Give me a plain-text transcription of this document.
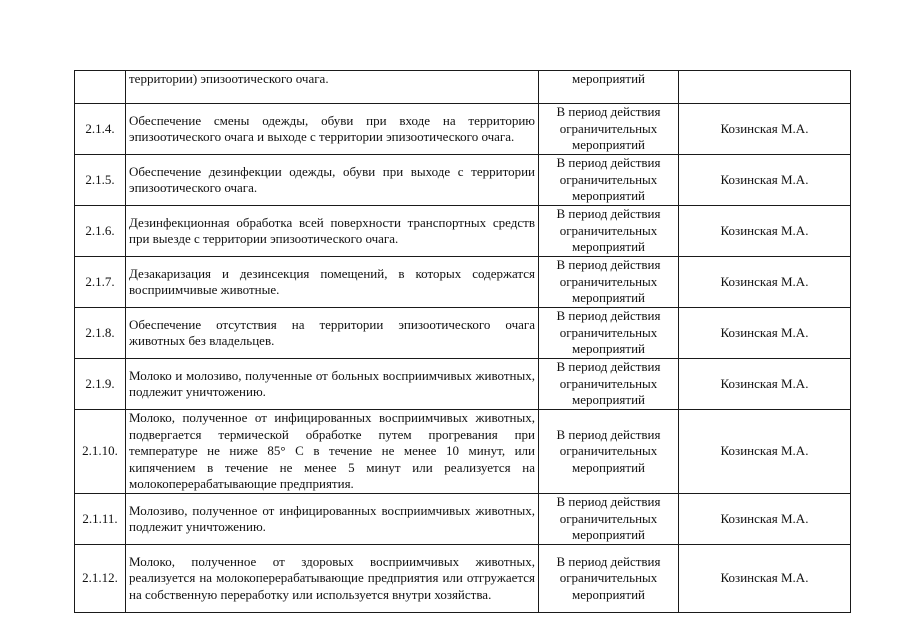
	территории) эпизоотического очага.	мероприятий	

2.1.4.	Обеспечение смены одежды, обуви при входе на территорию эпизоотического очага и выходе с территории эпизоотического очага.	В период действия ограничительных мероприятий	Козинская М.А.
2.1.5.	Обеспечение дезинфекции одежды, обуви при выходе с территории эпизоотического очага.	В период действия ограничительных мероприятий	Козинская М.А.
2.1.6.	Дезинфекционная обработка всей поверхности транспортных средств при выезде с территории эпизоотического очага.	В период действия ограничительных мероприятий	Козинская М.А.
2.1.7.	Дезакаризация и дезинсекция помещений, в которых содержатся восприимчивые животные.	В период действия ограничительных мероприятий	Козинская М.А.
2.1.8.	Обеспечение отсутствия на территории эпизоотического очага животных без владельцев.	В период действия ограничительных мероприятий	Козинская М.А.
2.1.9.	Молоко и молозиво, полученные от больных восприимчивых животных, подлежит уничтожению.	В период действия ограничительных мероприятий	Козинская М.А.
2.1.10.	Молоко, полученное от инфицированных восприимчивых животных, подвергается термической обработке путем прогревания при температуре не ниже 85° С в течение не менее 10 минут, или кипячением в течение не менее 5 минут или реализуется на молокоперерабатывающие предприятия.	В период действия ограничительных мероприятий	Козинская М.А.
2.1.11.	Молозиво, полученное от инфицированных восприимчивых животных, подлежит уничтожению.	В период действия ограничительных мероприятий	Козинская М.А.
2.1.12.	Молоко, полученное от здоровых восприимчивых животных, реализуется на молокоперерабатывающие предприятия или отгружается на собственную переработку или используется внутри хозяйства.	В период действия ограничительных мероприятий	Козинская М.А.
